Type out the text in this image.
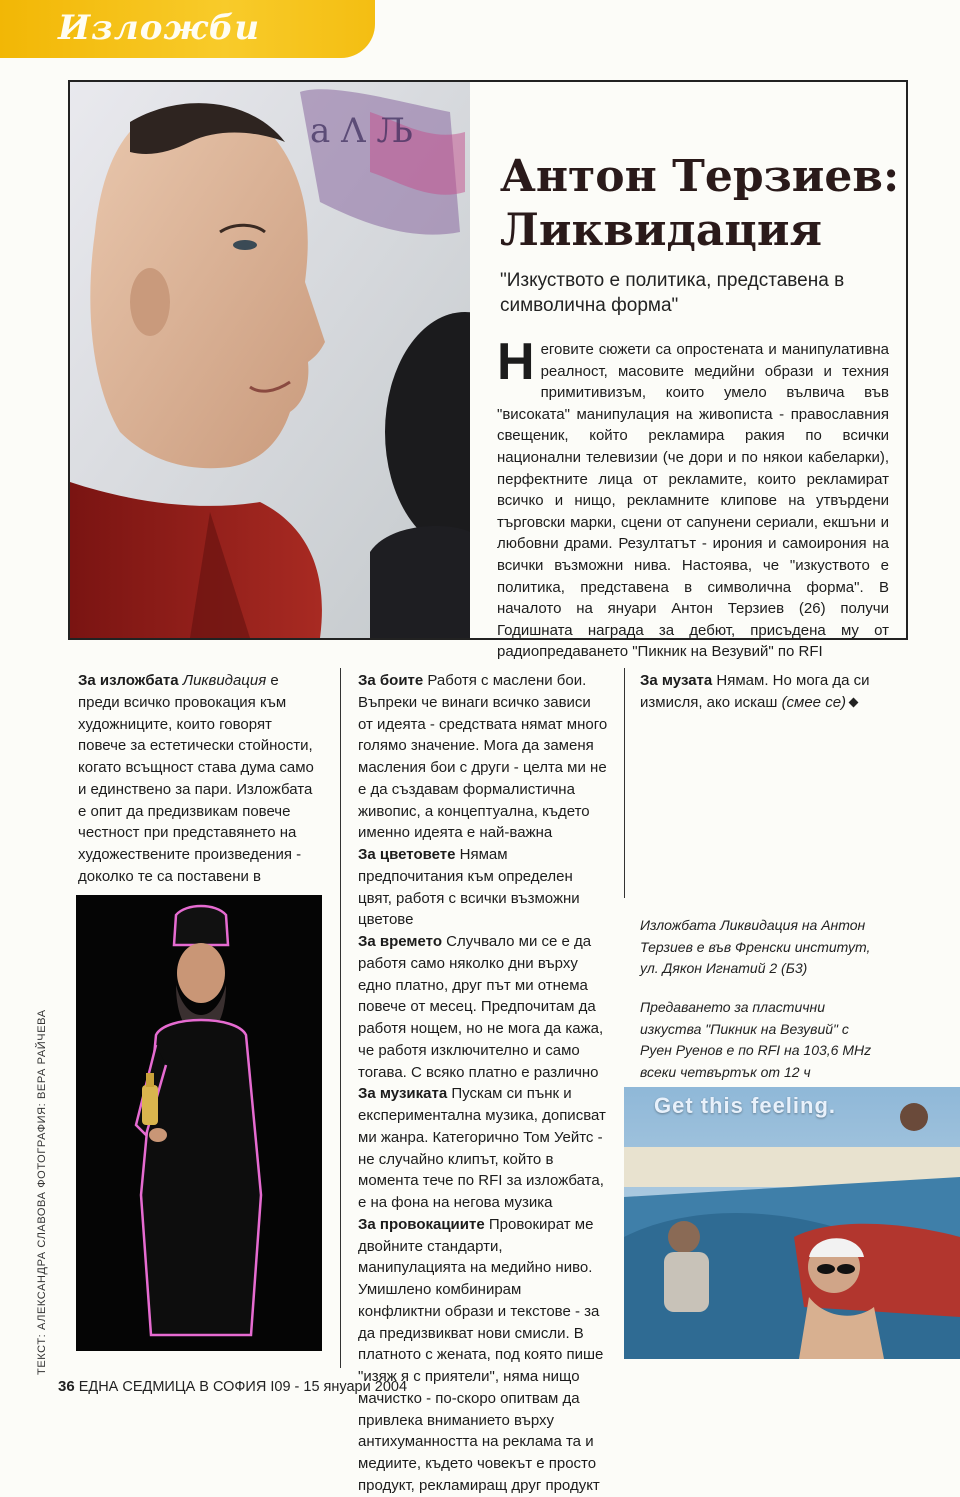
Изложби
а Λ Љ
Антон Терзиев:
Ликвидация
"Изкуството е политика, представена в символична форма"
Неговите сюжети са опростената и манипулативна реалност, масовите медийни образи и техния примитивизъм, които умело вълвича във "високата" манипулация на живописта - православния свещеник, който рекламира ракия по всички национални телевизии (че дори и по някои кабеларки), перфектните лица от рекламите, които рекламират всичко и нищо, рекламните клипове на утвърдени търговски марки, сцени от сапунени сериали, екшъни и любовни драми. Резултатът - ирония и самоирония на всички възможни нива. Настоява, че "изкуството е политика, представена в символична форма". В началото на януари Антон Терзиев (26) получи Годишната награда за дебют, присъдена му от радиопредаването "Пикник на Везувий" по RFI

За изложбата Ликвидация е преди всичко провокация към художниците, които говорят повече за естетически стойности, когато всъщност става дума само и единствено за пари. Изложбата е опит да предизвикам повече честност при представянето на художествените произведения - доколко те са поставени в

За боите Работя с маслени бои. Въпреки че винаги всичко зависи от идеята - средствата нямат много голямо значение. Мога да заменя масления бои с други - целта ми не е да създавам формалистична живопис, а концептуална, където именно идеята е най-важна

За цветовете Нямам предпочитания към определен цвят, работя с всички възможни цветове

За времето Случвало ми се е да работя само няколко дни върху едно платно, друг път ми отнема повече от месец. Предпочитам да работя нощем, но не мога да кажа, че работя изключително и само тогава. С всяко платно е различно

За музиката Пускам си пънк и експериментална музика, дописват ми жанра. Категорично Том Уейтс - не случайно клипът, който в момента тече по RFI за изложбата, е на фона на негова музика

За провокациите Провокират ме двойните стандарти, манипулацията на медийно ниво. Умишлено комбинирам конфликтни образи и текстове - за да предизвикват нови смисли. В платното с жената, под която пише "изяж я с приятели", няма нищо мачистко - по-скоро опитвам да привлека вниманието върху антихуманността на реклама та и медиите, където човекът е просто продукт, рекламиращ друг продукт

За музата Нямам. Но мога да си измисля, ако искаш (смее се)

Изложбата Ликвидация на Антон Терзиев е във Френски институт, ул. Дякон Игнатий 2 (Б3)
Предаването за пластични изкуства "Пикник на Везувий" с Руен Руенов е по RFI на 103,6 MHz всеки четвъртък от 12 ч
Get this feeling.
ТЕКСТ: АЛЕКСАНДРА СЛАВОВА ФОТОГРАФИЯ: ВЕРА РАЙЧЕВА
36 ЕДНА СЕДМИЦА В СОФИЯ І09 - 15 януари 2004
